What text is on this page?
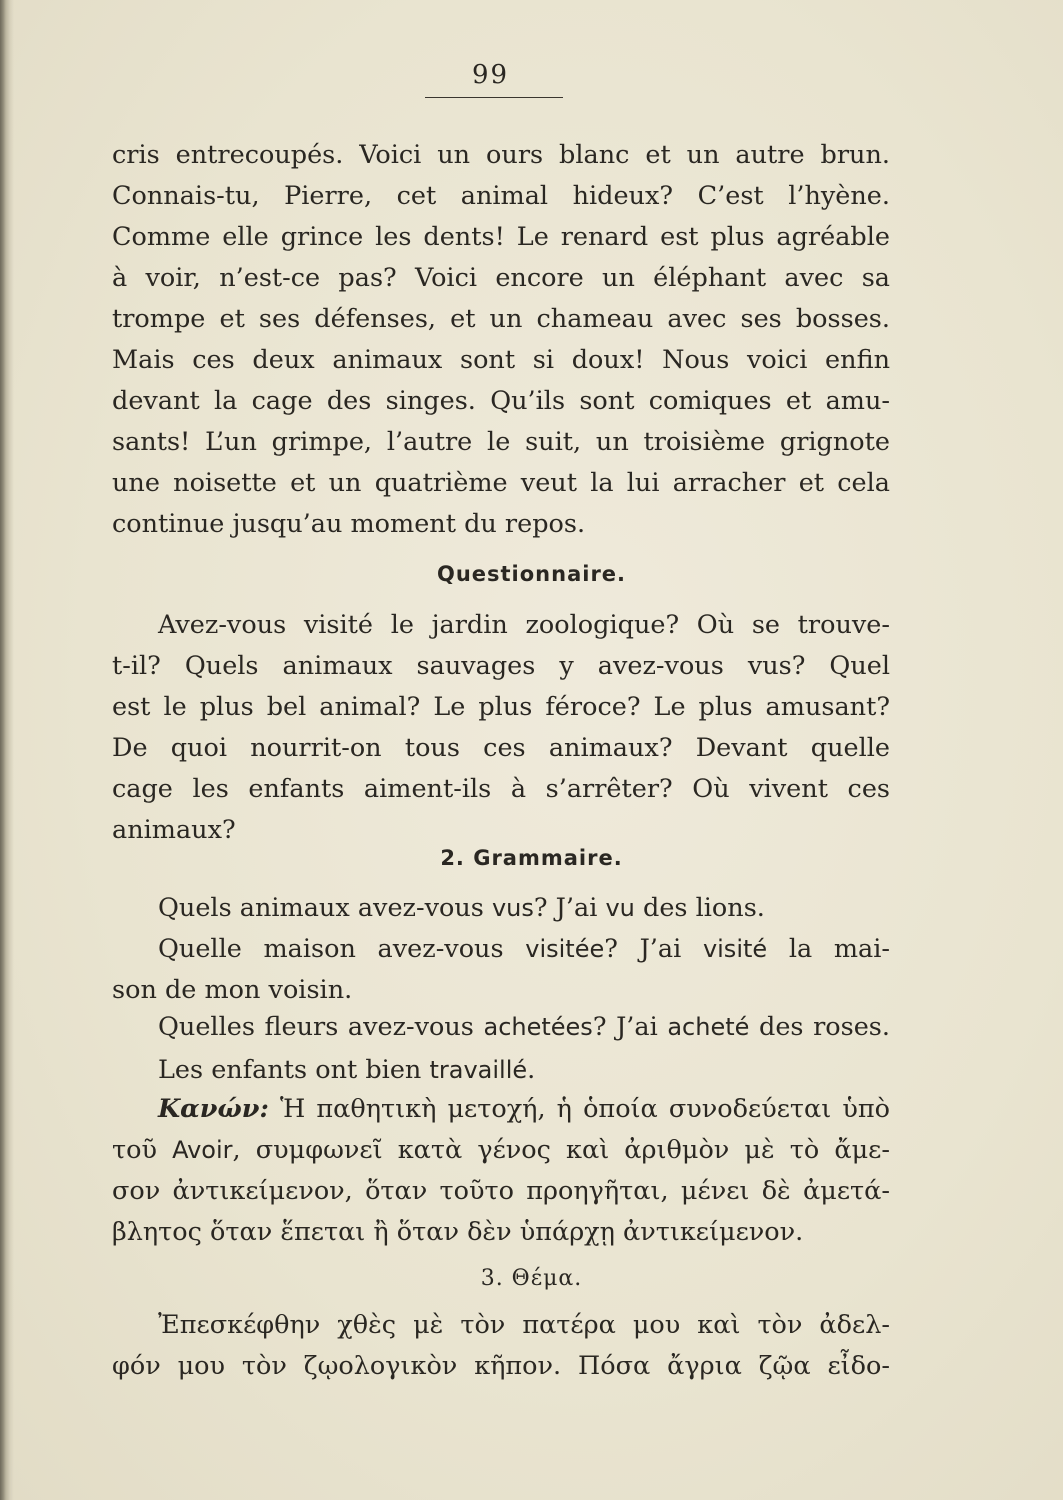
99
cris entrecoupés. Voici un ours blanc et un autre brun.
Connais-tu, Pierre, cet animal hideux? C’est l’hyène.
Comme elle grince les dents! Le renard est plus agréable
à voir, n’est-ce pas? Voici encore un éléphant avec sa
trompe et ses défenses, et un chameau avec ses bosses.
Mais ces deux animaux sont si doux! Nous voici enfin
devant la cage des singes. Qu’ils sont comiques et amu-
sants! L’un grimpe, l’autre le suit, un troisième grignote
une noisette et un quatrième veut la lui arracher et cela
continue jusqu’au moment du repos.
Questionnaire.
Avez-vous visité le jardin zoologique? Où se trouve-
t-il? Quels animaux sauvages y avez-vous vus? Quel
est le plus bel animal? Le plus féroce? Le plus amusant?
De quoi nourrit-on tous ces animaux? Devant quelle
cage les enfants aiment-ils à s’arrêter? Où vivent ces
animaux?
2. Grammaire.
Quels animaux avez-vous vus? J’ai vu des lions.
Quelle maison avez-vous visitée? J’ai visité la mai-
son de mon voisin.
Quelles fleurs avez-vous achetées? J’ai acheté des roses.
Les enfants ont bien travaillé.
Κανών: Ἡ παθητικὴ μετοχή, ἡ ὁποία συνοδεύεται ὑπὸ
τοῦ Avoir, συμφωνεῖ κατὰ γένος καὶ ἀριθμὸν μὲ τὸ ἄμε-
σον ἀντικείμενον, ὅταν τοῦτο προηγῆται, μένει δὲ ἀμετά-
βλητος ὅταν ἕπεται ἢ ὅταν δὲν ὑπάρχῃ ἀντικείμενον.
3. Θέμα.
Ἐπεσκέφθην χθὲς μὲ τὸν πατέρα μου καὶ τὸν ἀδελ-
φόν μου τὸν ζῳολογικὸν κῆπον. Πόσα ἄγρια ζῷα εἶδο-
